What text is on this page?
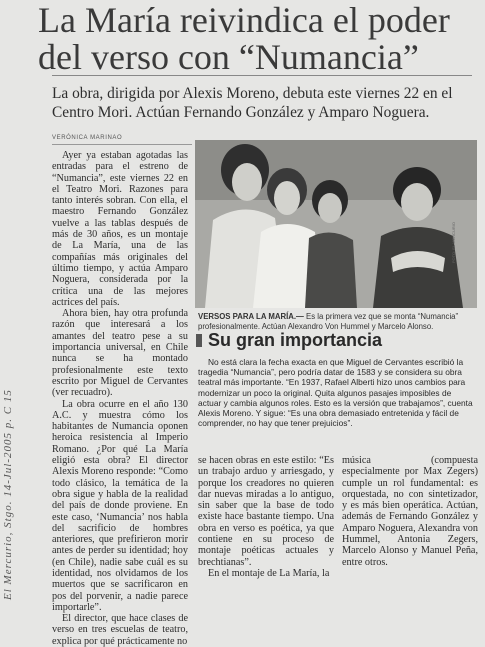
El Mercurio, Stgo. 14-Jul-2005 p. C 15
La María reivindica el poder del verso con “Numancia”
La obra, dirigida por Alexis Moreno, debuta este viernes 22 en el Centro Mori. Actúan Fernando González y Amparo Noguera.
VERÓNICA MARINAO

Ayer ya estaban agotadas las entradas para el estreno de “Numancia”, este viernes 22 en el Teatro Mori. Razones para tanto interés sobran. Con ella, el maestro Fernando González vuelve a las tablas después de más de 30 años, es un montaje de La María, una de las compañías más originales del último tiempo, y actúa Amparo Noguera, considerada por la crítica una de las mejores actrices del país.

Ahora bien, hay otra profunda razón que interesará a los amantes del teatro pese a su importancia universal, en Chile nunca se ha montado profesionalmente este texto escrito por Miguel de Cervantes (ver recuadro).

La obra ocurre en el año 130 A.C. y muestra cómo los habitantes de Numancia oponen heroica resistencia al Imperio Romano. ¿Por qué La María eligió esta obra? El director Alexis Moreno responde: “Como todo clásico, la temática de la obra sigue y habla de la realidad del país de donde proviene. En este caso, ‘Numancia’ nos habla del sacrificio de hombres anteriores, que prefirieron morir antes de perder su identidad; hoy (en Chile), nadie sabe cuál es su identidad, nos olvidamos de los muertos que se sacrificaron en pos del porvenir, a nadie parece importarle”.

El director, que hace clases de verso en tres escuelas de teatro, explica por qué prácticamente no

FOTO: EL MERCURIO
VERSOS PARA LA MARÍA.— Es la primera vez que se monta “Numancia” profesionalmente. Actúan Alexandro Von Hummel y Marcelo Alonso.
Su gran importancia

No está clara la fecha exacta en que Miguel de Cervantes escribió la tragedia “Numancia”, pero podría datar de 1583 y se considera su obra teatral más importante. “En 1937, Rafael Alberti hizo unos cambios para modernizar un poco la original. Quita algunos pasajes imposibles de actuar y cambia algunos roles. Esto es la versión que trabajamos”, cuenta Alexis Moreno. Y sigue: “Es una obra demasiado entretenida y fácil de comprender, no hay que tener prejuicios”.

se hacen obras en este estilo: “Es un trabajo arduo y arriesgado, y porque los creadores no quieren dar nuevas miradas a lo antiguo, sin saber que la base de todo existe hace bastante tiempo. Una obra en verso es poética, ya que contiene en su proceso de montaje poéticas actuales y brechtianas”.

En el montaje de La María, la

música (compuesta especialmente por Max Zegers) cumple un rol fundamental: es orquestada, no con sintetizador, y es más bien operática. Actúan, además de Fernando González y Amparo Noguera, Alexandra von Hummel, Antonia Zegers, Marcelo Alonso y Manuel Peña, entre otros.
